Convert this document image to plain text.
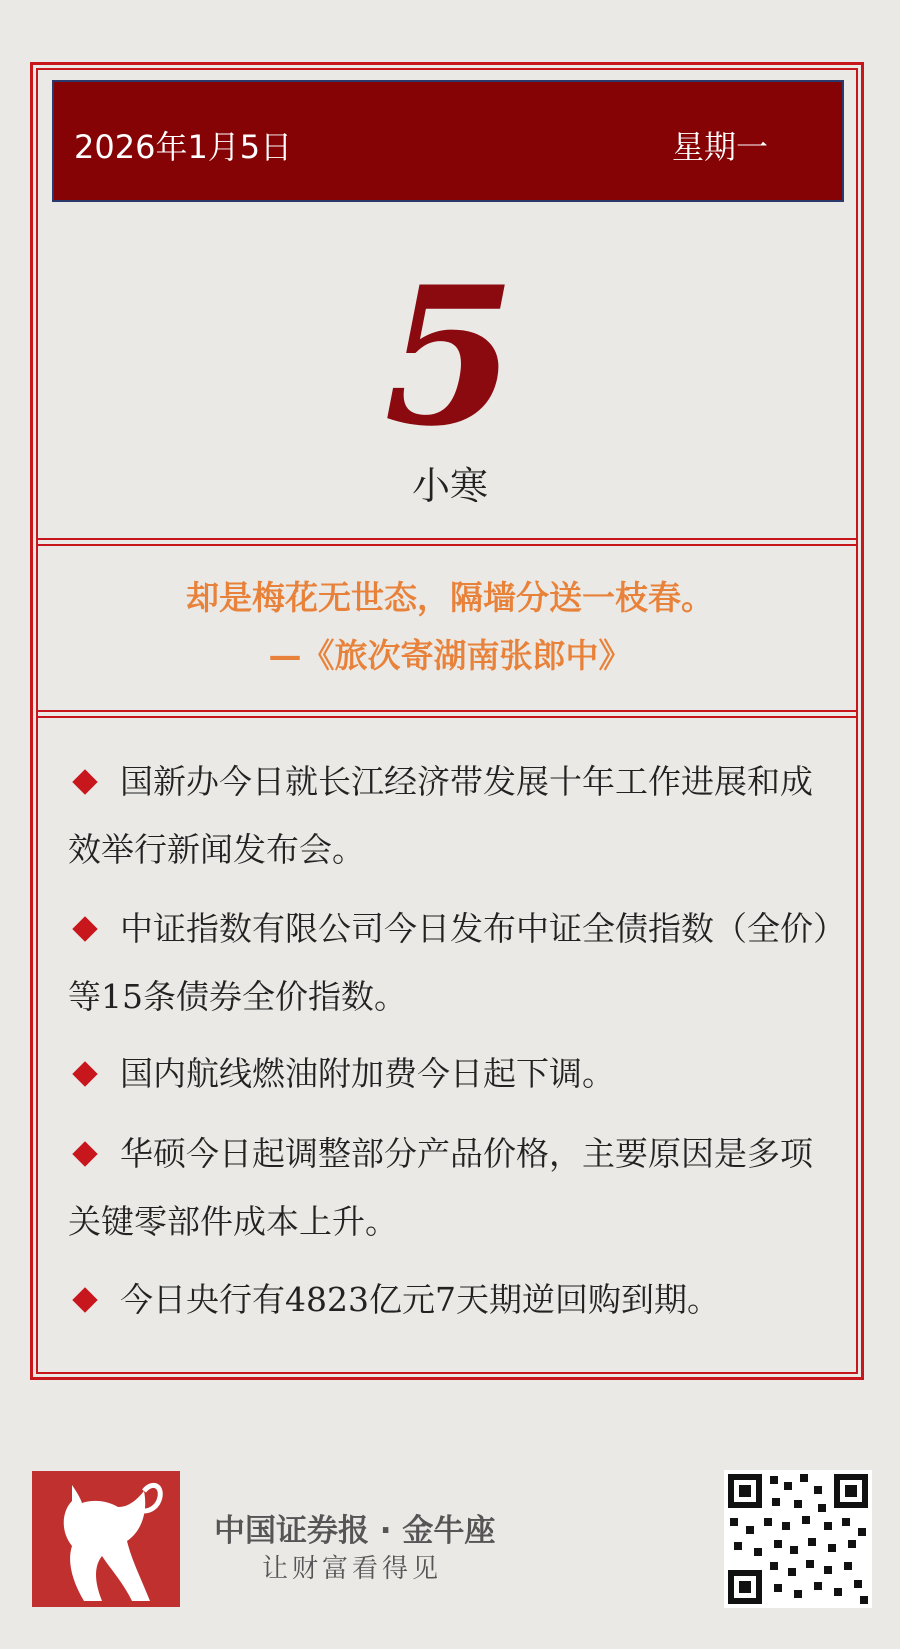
2026年1月5日	星期一
5
小寒
却是梅花无世态，隔墙分送一枝春。
—《旅次寄湖南张郎中》
国新办今日就长江经济带发展十年工作进展和成效举行新闻发布会。
中证指数有限公司今日发布中证全债指数（全价）等15条债券全价指数。
国内航线燃油附加费今日起下调。
华硕今日起调整部分产品价格，主要原因是多项关键零部件成本上升。
今日央行有4823亿元7天期逆回购到期。
中国证券报 · 金牛座
让财富看得见
